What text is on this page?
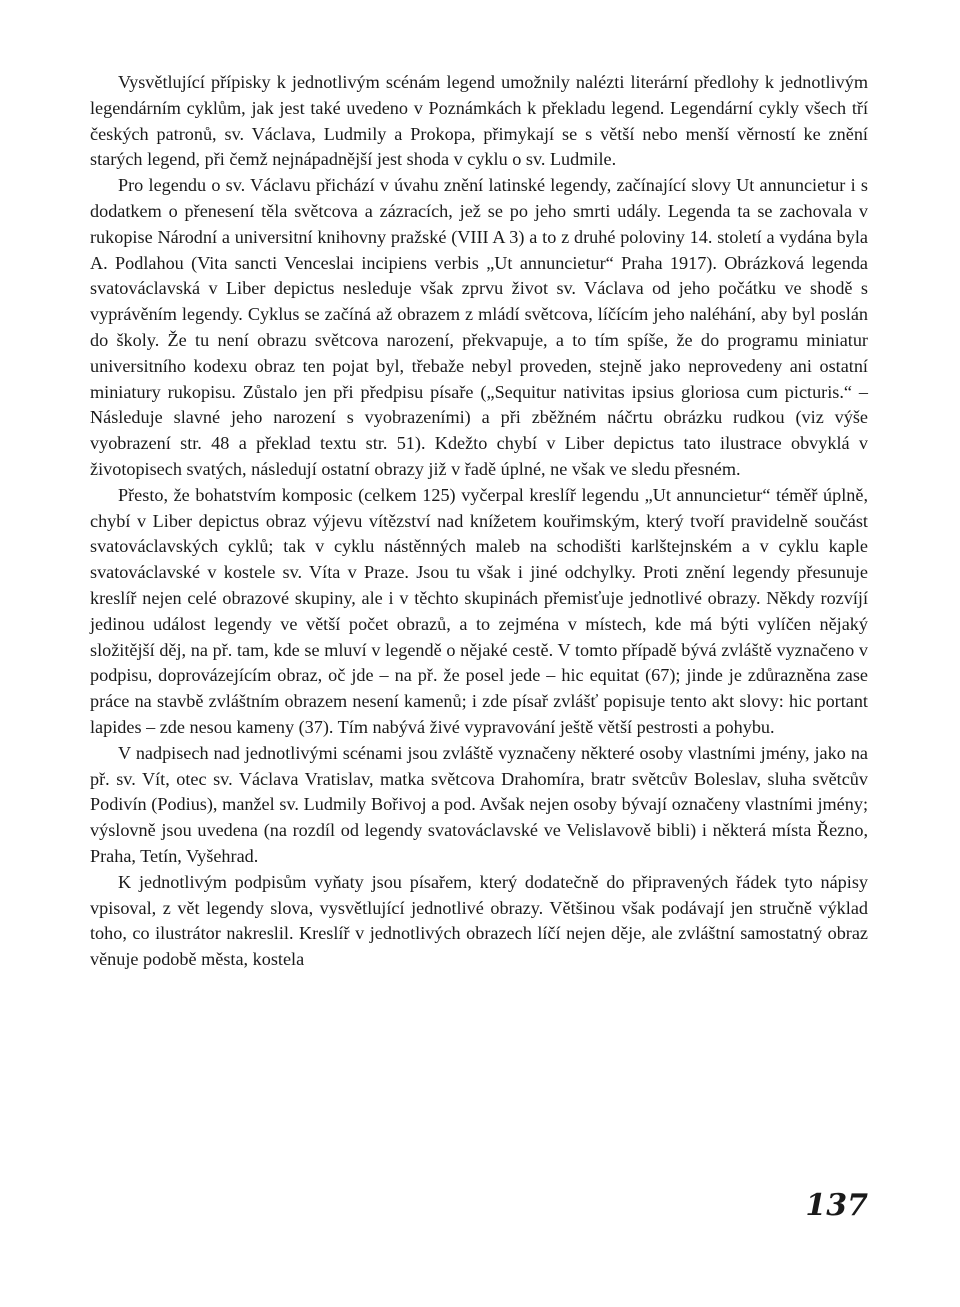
Vysvětlující přípisky k jednotlivým scénám legend umožnily nalézti literární předlohy k jednotlivým legendárním cyklům, jak jest také uvedeno v Poznámkách k překladu legend. Legendární cykly všech tří českých patronů, sv. Václava, Ludmily a Prokopa, přimykají se s větší nebo menší věrností ke znění starých legend, při čemž nejnápadnější jest shoda v cyklu o sv. Ludmile.

Pro legendu o sv. Václavu přichází v úvahu znění latinské legendy, začínající slovy Ut annuncietur i s dodatkem o přenesení těla světcova a zázracích, jež se po jeho smrti udály. Legenda ta se zachovala v rukopise Národní a universitní knihovny pražské (VIII A 3) a to z druhé poloviny 14. století a vydána byla A. Podlahou (Vita sancti Venceslai incipiens verbis „Ut annuncietur“ Praha 1917). Obrázková legenda svatováclavská v Liber depictus nesleduje však zprvu život sv. Václava od jeho počátku ve shodě s vyprávěním legendy. Cyklus se začíná až obrazem z mládí světcova, líčícím jeho naléhání, aby byl poslán do školy. Že tu není obrazu světcova narození, překvapuje, a to tím spíše, že do programu miniatur universitního kodexu obraz ten pojat byl, třebaže nebyl proveden, stejně jako neprovedeny ani ostatní miniatury rukopisu. Zůstalo jen při předpisu písaře („Sequitur nativitas ipsius gloriosa cum picturis.“ – Následuje slavné jeho narození s vyobrazeními) a při zběžném náčrtu obrázku rudkou (viz výše vyobrazení str. 48 a překlad textu str. 51). Kdežto chybí v Liber depictus tato ilustrace obvyklá v životopisech svatých, následují ostatní obrazy již v řadě úplné, ne však ve sledu přesném.

Přesto, že bohatstvím komposic (celkem 125) vyčerpal kreslíř legendu „Ut annuncietur“ téměř úplně, chybí v Liber depictus obraz výjevu vítězství nad knížetem kouřimským, který tvoří pravidelně součást svatováclavských cyklů; tak v cyklu nástěnných maleb na schodišti karlštejnském a v cyklu kaple svatováclavské v kostele sv. Víta v Praze. Jsou tu však i jiné odchylky. Proti znění legendy přesunuje kreslíř nejen celé obrazové skupiny, ale i v těchto skupinách přemisťuje jednotlivé obrazy. Někdy rozvíjí jedinou událost legendy ve větší počet obrazů, a to zejména v místech, kde má býti vylíčen nějaký složitější děj, na př. tam, kde se mluví v legendě o nějaké cestě. V tomto případě bývá zvláště vyznačeno v podpisu, doprovázejícím obraz, oč jde – na př. že posel jede – hic equitat (67); jinde je zdůrazněna zase práce na stavbě zvláštním obrazem nesení kamenů; i zde písař zvlášť popisuje tento akt slovy: hic portant lapides – zde nesou kameny (37). Tím nabývá živé vypravování ještě větší pestrosti a pohybu.

V nadpisech nad jednotlivými scénami jsou zvláště vyznačeny některé osoby vlastními jmény, jako na př. sv. Vít, otec sv. Václava Vratislav, matka světcova Drahomíra, bratr světcův Boleslav, sluha světcův Podivín (Podius), manžel sv. Ludmily Bořivoj a pod. Avšak nejen osoby bývají označeny vlastními jmény; výslovně jsou uvedena (na rozdíl od legendy svatováclavské ve Velislavově bibli) i některá místa Řezno, Praha, Tetín, Vyšehrad.

K jednotlivým podpisům vyňaty jsou písařem, který dodatečně do připravených řádek tyto nápisy vpisoval, z vět legendy slova, vysvětlující jednotlivé obrazy. Většinou však podávají jen stručně výklad toho, co ilustrátor nakreslil. Kreslíř v jednotlivých obrazech líčí nejen děje, ale zvláštní samostatný obraz věnuje podobě města, kostela

137
